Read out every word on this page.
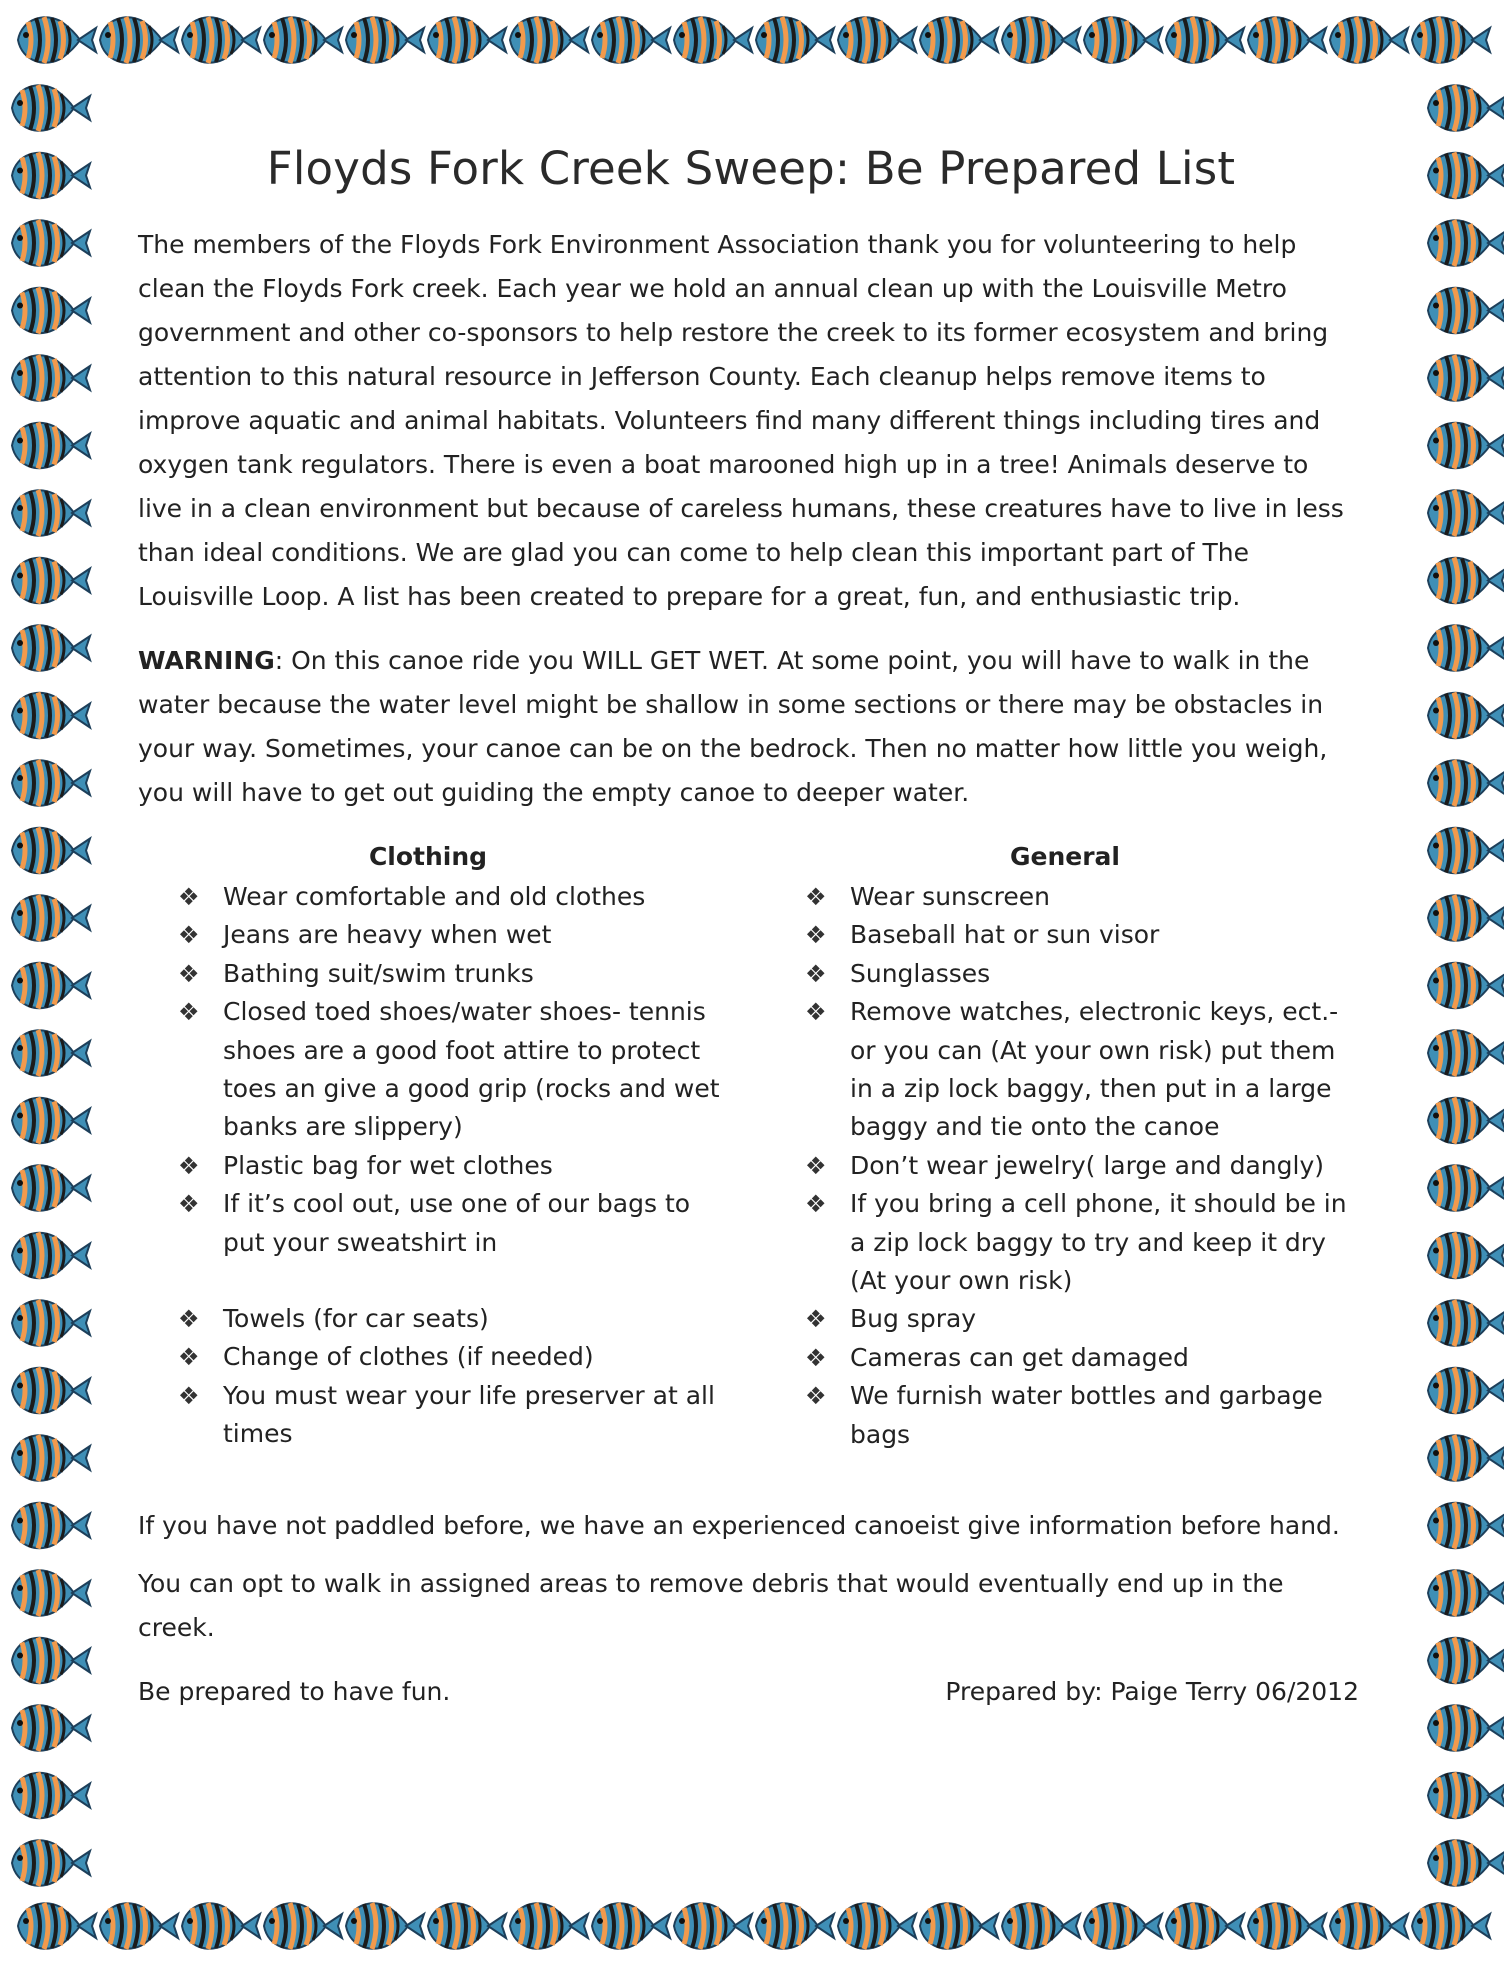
Floyds Fork Creek Sweep: Be Prepared List

The members of the Floyds Fork Environment Association thank you for volunteering to help clean the Floyds Fork creek. Each year we hold an annual clean up with the Louisville Metro government and other co-sponsors to help restore the creek to its former ecosystem and bring attention to this natural resource in Jefferson County. Each cleanup helps remove items to improve aquatic and animal habitats. Volunteers find many different things including tires and oxygen tank regulators. There is even a boat marooned high up in a tree! Animals deserve to live in a clean environment but because of careless humans, these creatures have to live in less than ideal conditions. We are glad you can come to help clean this important part of The Louisville Loop. A list has been created to prepare for a great, fun, and enthusiastic trip.

WARNING: On this canoe ride you WILL GET WET. At some point, you will have to walk in the water because the water level might be shallow in some sections or there may be obstacles in your way. Sometimes, your canoe can be on the bedrock. Then no matter how little you weigh, you will have to get out guiding the empty canoe to deeper water.

Clothing
❖ Wear comfortable and old clothes
❖ Jeans are heavy when wet
❖ Bathing suit/swim trunks
❖ Closed toed shoes/water shoes- tennis shoes are a good foot attire to protect toes an give a good grip (rocks and wet banks are slippery)
❖ Plastic bag for wet clothes
❖ If it’s cool out, use one of our bags to put your sweatshirt in
❖ Towels (for car seats)
❖ Change of clothes (if needed)
❖ You must wear your life preserver at all times
General
❖ Wear sunscreen
❖ Baseball hat or sun visor
❖ Sunglasses
❖ Remove watches, electronic keys, ect.- or you can (At your own risk) put them in a zip lock baggy, then put in a large baggy and tie onto the canoe
❖ Don’t wear jewelry( large and dangly)
❖ If you bring a cell phone, it should be in a zip lock baggy to try and keep it dry (At your own risk)
❖ Bug spray
❖ Cameras can get damaged
❖ We furnish water bottles and garbage bags

If you have not paddled before, we have an experienced canoeist give information before hand.

You can opt to walk in assigned areas to remove debris that would eventually end up in the creek.

Be prepared to have fun.	Prepared by: Paige Terry 06/2012
